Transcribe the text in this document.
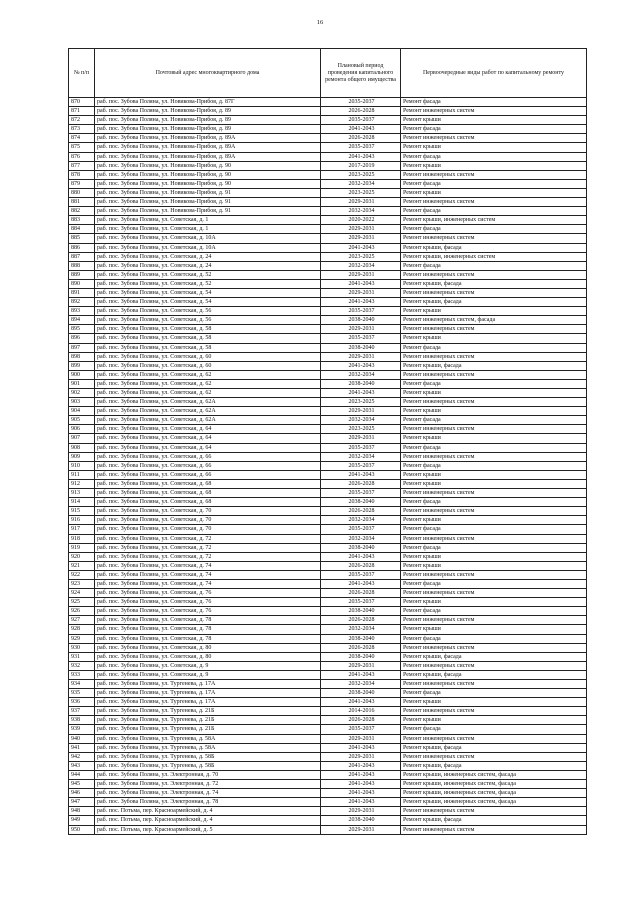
16
№ п/п	Почтовый адрес многоквартирного дома	Плановый период проведения капитального ремонта общего имущества	Первоочередные виды работ по капитальному ремонту
870	раб. пос. Зубова Поляна, ул. Новикова-Прибоя, д. 87Г	2035-2037	Ремонт фасада
871	раб. пос. Зубова Поляна, ул. Новикова-Прибоя, д. 89	2026-2028	Ремонт инженерных систем
872	раб. пос. Зубова Поляна, ул. Новикова-Прибоя, д. 89	2035-2037	Ремонт крыши
873	раб. пос. Зубова Поляна, ул. Новикова-Прибоя, д. 89	2041-2043	Ремонт фасада
874	раб. пос. Зубова Поляна, ул. Новикова-Прибоя, д. 89А	2026-2028	Ремонт инженерных систем
875	раб. пос. Зубова Поляна, ул. Новикова-Прибоя, д. 89А	2035-2037	Ремонт крыши
876	раб. пос. Зубова Поляна, ул. Новикова-Прибоя, д. 89А	2041-2043	Ремонт фасада
877	раб. пос. Зубова Поляна, ул. Новикова-Прибоя, д. 90	2017-2019	Ремонт крыши
878	раб. пос. Зубова Поляна, ул. Новикова-Прибоя, д. 90	2023-2025	Ремонт инженерных систем
879	раб. пос. Зубова Поляна, ул. Новикова-Прибоя, д. 90	2032-2034	Ремонт фасада
880	раб. пос. Зубова Поляна, ул. Новикова-Прибоя, д. 91	2023-2025	Ремонт крыши
881	раб. пос. Зубова Поляна, ул. Новикова-Прибоя, д. 91	2029-2031	Ремонт инженерных систем
882	раб. пос. Зубова Поляна, ул. Новикова-Прибоя, д. 91	2032-2034	Ремонт фасада
883	раб. пос. Зубова Поляна, ул. Советская, д. 1	2020-2022	Ремонт крыши, инженерных систем
884	раб. пос. Зубова Поляна, ул. Советская, д. 1	2029-2031	Ремонт фасада
885	раб. пос. Зубова Поляна, ул. Советская, д. 10А	2029-2031	Ремонт инженерных систем
886	раб. пос. Зубова Поляна, ул. Советская, д. 10А	2041-2043	Ремонт крыши, фасада
887	раб. пос. Зубова Поляна, ул. Советская, д. 24	2023-2025	Ремонт крыши, инженерных систем
888	раб. пос. Зубова Поляна, ул. Советская, д. 24	2032-2034	Ремонт фасада
889	раб. пос. Зубова Поляна, ул. Советская, д. 52	2029-2031	Ремонт инженерных систем
890	раб. пос. Зубова Поляна, ул. Советская, д. 52	2041-2043	Ремонт крыши, фасада
891	раб. пос. Зубова Поляна, ул. Советская, д. 54	2029-2031	Ремонт инженерных систем
892	раб. пос. Зубова Поляна, ул. Советская, д. 54	2041-2043	Ремонт крыши, фасада
893	раб. пос. Зубова Поляна, ул. Советская, д. 56	2035-2037	Ремонт крыши
894	раб. пос. Зубова Поляна, ул. Советская, д. 56	2038-2040	Ремонт инженерных систем, фасада
895	раб. пос. Зубова Поляна, ул. Советская, д. 58	2029-2031	Ремонт инженерных систем
896	раб. пос. Зубова Поляна, ул. Советская, д. 58	2035-2037	Ремонт крыши
897	раб. пос. Зубова Поляна, ул. Советская, д. 58	2038-2040	Ремонт фасада
898	раб. пос. Зубова Поляна, ул. Советская, д. 60	2029-2031	Ремонт инженерных систем
899	раб. пос. Зубова Поляна, ул. Советская, д. 60	2041-2043	Ремонт крыши, фасада
900	раб. пос. Зубова Поляна, ул. Советская, д. 62	2032-2034	Ремонт инженерных систем
901	раб. пос. Зубова Поляна, ул. Советская, д. 62	2038-2040	Ремонт фасада
902	раб. пос. Зубова Поляна, ул. Советская, д. 62	2041-2043	Ремонт крыши
903	раб. пос. Зубова Поляна, ул. Советская, д. 62А	2023-2025	Ремонт инженерных систем
904	раб. пос. Зубова Поляна, ул. Советская, д. 62А	2029-2031	Ремонт крыши
905	раб. пос. Зубова Поляна, ул. Советская, д. 62А	2032-2034	Ремонт фасада
906	раб. пос. Зубова Поляна, ул. Советская, д. 64	2023-2025	Ремонт инженерных систем
907	раб. пос. Зубова Поляна, ул. Советская, д. 64	2029-2031	Ремонт крыши
908	раб. пос. Зубова Поляна, ул. Советская, д. 64	2035-2037	Ремонт фасада
909	раб. пос. Зубова Поляна, ул. Советская, д. 66	2032-2034	Ремонт инженерных систем
910	раб. пос. Зубова Поляна, ул. Советская, д. 66	2035-2037	Ремонт фасада
911	раб. пос. Зубова Поляна, ул. Советская, д. 66	2041-2043	Ремонт крыши
912	раб. пос. Зубова Поляна, ул. Советская, д. 68	2026-2028	Ремонт крыши
913	раб. пос. Зубова Поляна, ул. Советская, д. 68	2035-2037	Ремонт инженерных систем
914	раб. пос. Зубова Поляна, ул. Советская, д. 68	2038-2040	Ремонт фасада
915	раб. пос. Зубова Поляна, ул. Советская, д. 70	2026-2028	Ремонт инженерных систем
916	раб. пос. Зубова Поляна, ул. Советская, д. 70	2032-2034	Ремонт крыши
917	раб. пос. Зубова Поляна, ул. Советская, д. 70	2035-2037	Ремонт фасада
918	раб. пос. Зубова Поляна, ул. Советская, д. 72	2032-2034	Ремонт инженерных систем
919	раб. пос. Зубова Поляна, ул. Советская, д. 72	2038-2040	Ремонт фасада
920	раб. пос. Зубова Поляна, ул. Советская, д. 72	2041-2043	Ремонт крыши
921	раб. пос. Зубова Поляна, ул. Советская, д. 74	2026-2028	Ремонт крыши
922	раб. пос. Зубова Поляна, ул. Советская, д. 74	2035-2037	Ремонт инженерных систем
923	раб. пос. Зубова Поляна, ул. Советская, д. 74	2041-2043	Ремонт фасада
924	раб. пос. Зубова Поляна, ул. Советская, д. 76	2026-2028	Ремонт инженерных систем
925	раб. пос. Зубова Поляна, ул. Советская, д. 76	2035-2037	Ремонт крыши
926	раб. пос. Зубова Поляна, ул. Советская, д. 76	2038-2040	Ремонт фасада
927	раб. пос. Зубова Поляна, ул. Советская, д. 78	2026-2028	Ремонт инженерных систем
928	раб. пос. Зубова Поляна, ул. Советская, д. 78	2032-2034	Ремонт крыши
929	раб. пос. Зубова Поляна, ул. Советская, д. 78	2038-2040	Ремонт фасада
930	раб. пос. Зубова Поляна, ул. Советская, д. 80	2026-2028	Ремонт инженерных систем
931	раб. пос. Зубова Поляна, ул. Советская, д. 80	2038-2040	Ремонт крыши, фасада
932	раб. пос. Зубова Поляна, ул. Советская, д. 9	2029-2031	Ремонт инженерных систем
933	раб. пос. Зубова Поляна, ул. Советская, д. 9	2041-2043	Ремонт крыши, фасада
934	раб. пос. Зубова Поляна, ул. Тургенева, д. 17А	2032-2034	Ремонт инженерных систем
935	раб. пос. Зубова Поляна, ул. Тургенева, д. 17А	2038-2040	Ремонт фасада
936	раб. пос. Зубова Поляна, ул. Тургенева, д. 17А	2041-2043	Ремонт крыши
937	раб. пос. Зубова Поляна, ул. Тургенева, д. 21Б	2014-2016	Ремонт инженерных систем
938	раб. пос. Зубова Поляна, ул. Тургенева, д. 21Б	2026-2028	Ремонт крыши
939	раб. пос. Зубова Поляна, ул. Тургенева, д. 21Б	2035-2037	Ремонт фасада
940	раб. пос. Зубова Поляна, ул. Тургенева, д. 58А	2029-2031	Ремонт инженерных систем
941	раб. пос. Зубова Поляна, ул. Тургенева, д. 58А	2041-2043	Ремонт крыши, фасада
942	раб. пос. Зубова Поляна, ул. Тургенева, д. 58Б	2029-2031	Ремонт инженерных систем
943	раб. пос. Зубова Поляна, ул. Тургенева, д. 58Б	2041-2043	Ремонт крыши, фасада
944	раб. пос. Зубова Поляна, ул. Электронная, д. 70	2041-2043	Ремонт крыши, инженерных систем, фасада
945	раб. пос. Зубова Поляна, ул. Электронная, д. 72	2041-2043	Ремонт крыши, инженерных систем, фасада
946	раб. пос. Зубова Поляна, ул. Электронная, д. 74	2041-2043	Ремонт крыши, инженерных систем, фасада
947	раб. пос. Зубова Поляна, ул. Электронная, д. 78	2041-2043	Ремонт крыши, инженерных систем, фасада
948	раб. пос. Потьма, пер. Красноармейский, д. 4	2029-2031	Ремонт инженерных систем
949	раб. пос. Потьма, пер. Красноармейский, д. 4	2038-2040	Ремонт крыши, фасада
950	раб. пос. Потьма, пер. Красноармейский, д. 5	2029-2031	Ремонт инженерных систем
